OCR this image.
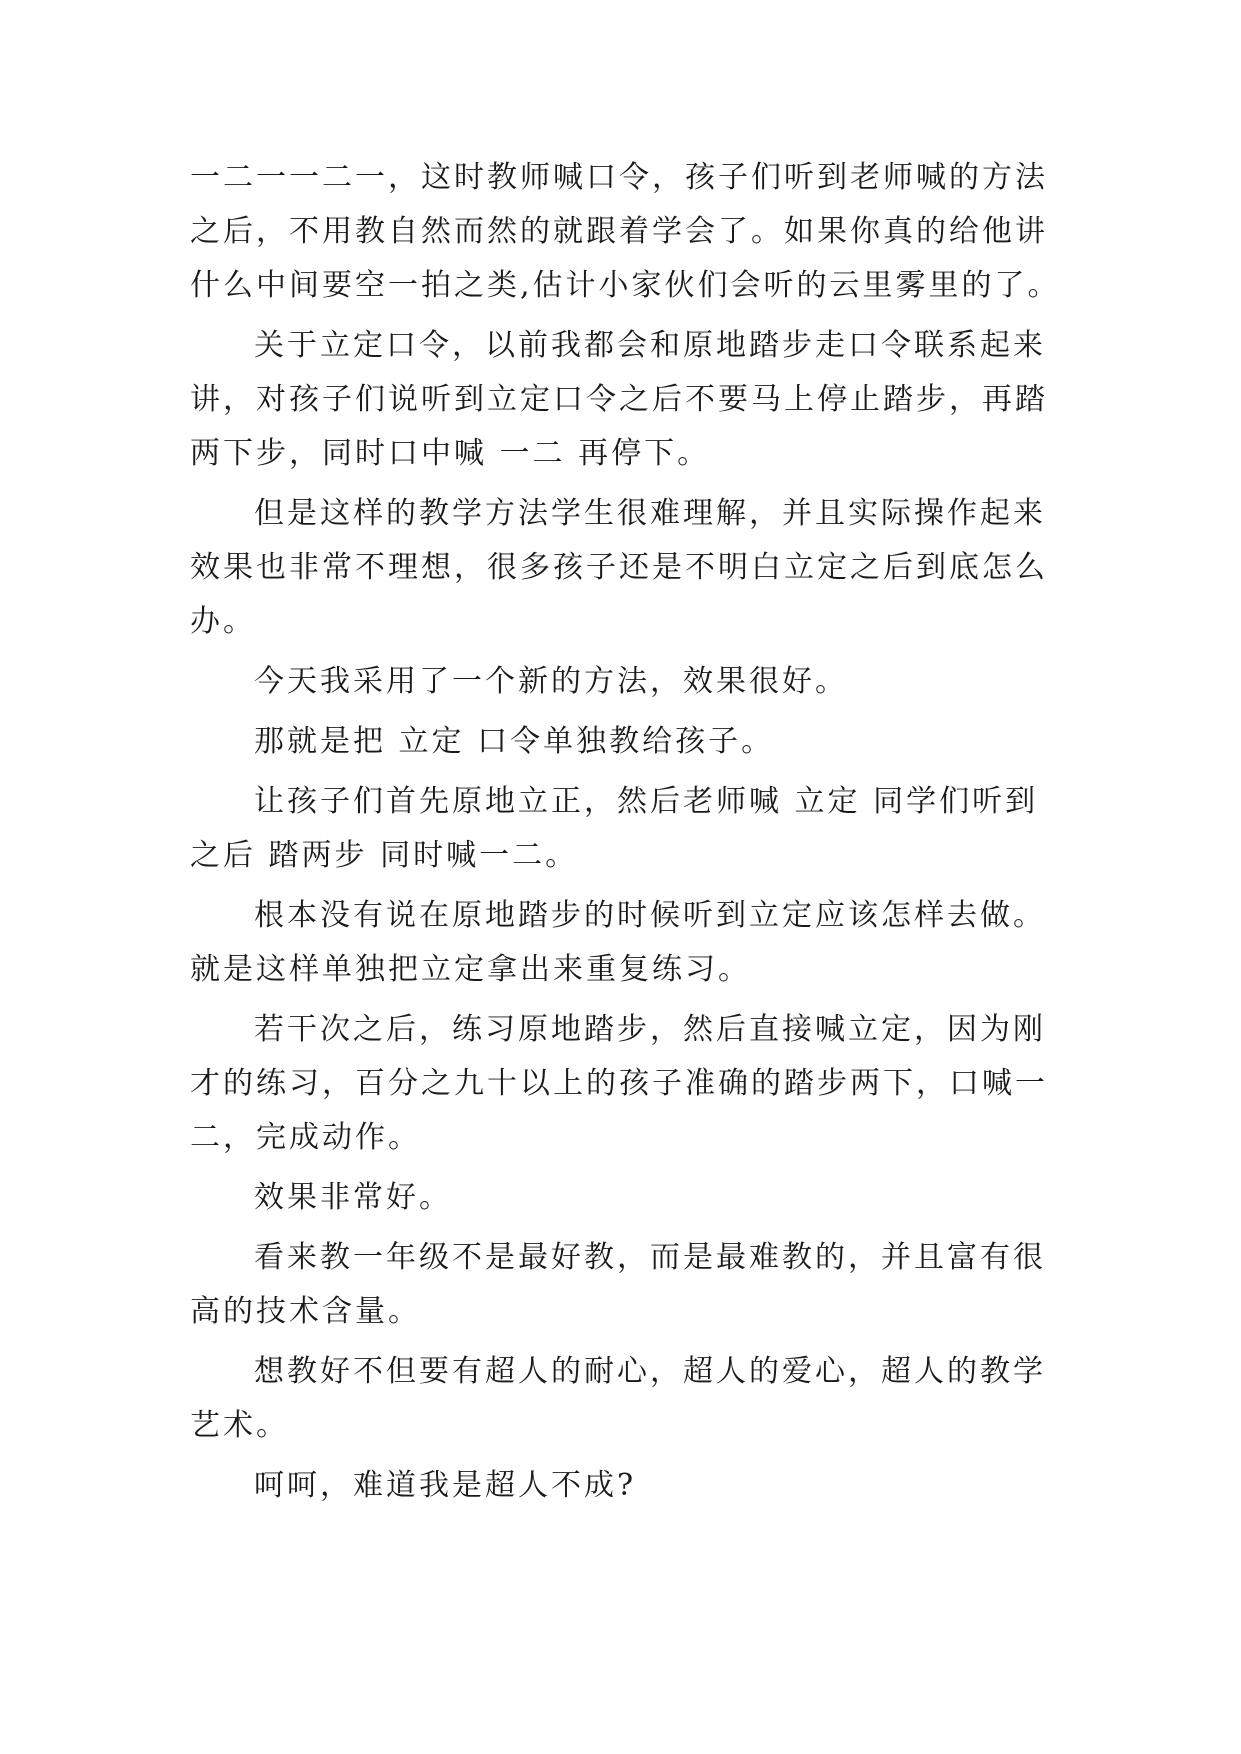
一二一一二一，这时教师喊口令，孩子们听到老师喊的方法
之后，不用教自然而然的就跟着学会了。如果你真的给他讲
什么中间要空一拍之类,估计小家伙们会听的云里雾里的了。
关于立定口令，以前我都会和原地踏步走口令联系起来
讲，对孩子们说听到立定口令之后不要马上停止踏步，再踏
两下步，同时口中喊 一二 再停下。
但是这样的教学方法学生很难理解，并且实际操作起来
效果也非常不理想，很多孩子还是不明白立定之后到底怎么
办。
今天我采用了一个新的方法，效果很好。
那就是把 立定 口令单独教给孩子。
让孩子们首先原地立正，然后老师喊 立定 同学们听到
之后 踏两步 同时喊一二。
根本没有说在原地踏步的时候听到立定应该怎样去做。
就是这样单独把立定拿出来重复练习。
若干次之后，练习原地踏步，然后直接喊立定，因为刚
才的练习，百分之九十以上的孩子准确的踏步两下，口喊一
二，完成动作。
效果非常好。
看来教一年级不是最好教，而是最难教的，并且富有很
高的技术含量。
想教好不但要有超人的耐心，超人的爱心，超人的教学
艺术。
呵呵，难道我是超人不成?
